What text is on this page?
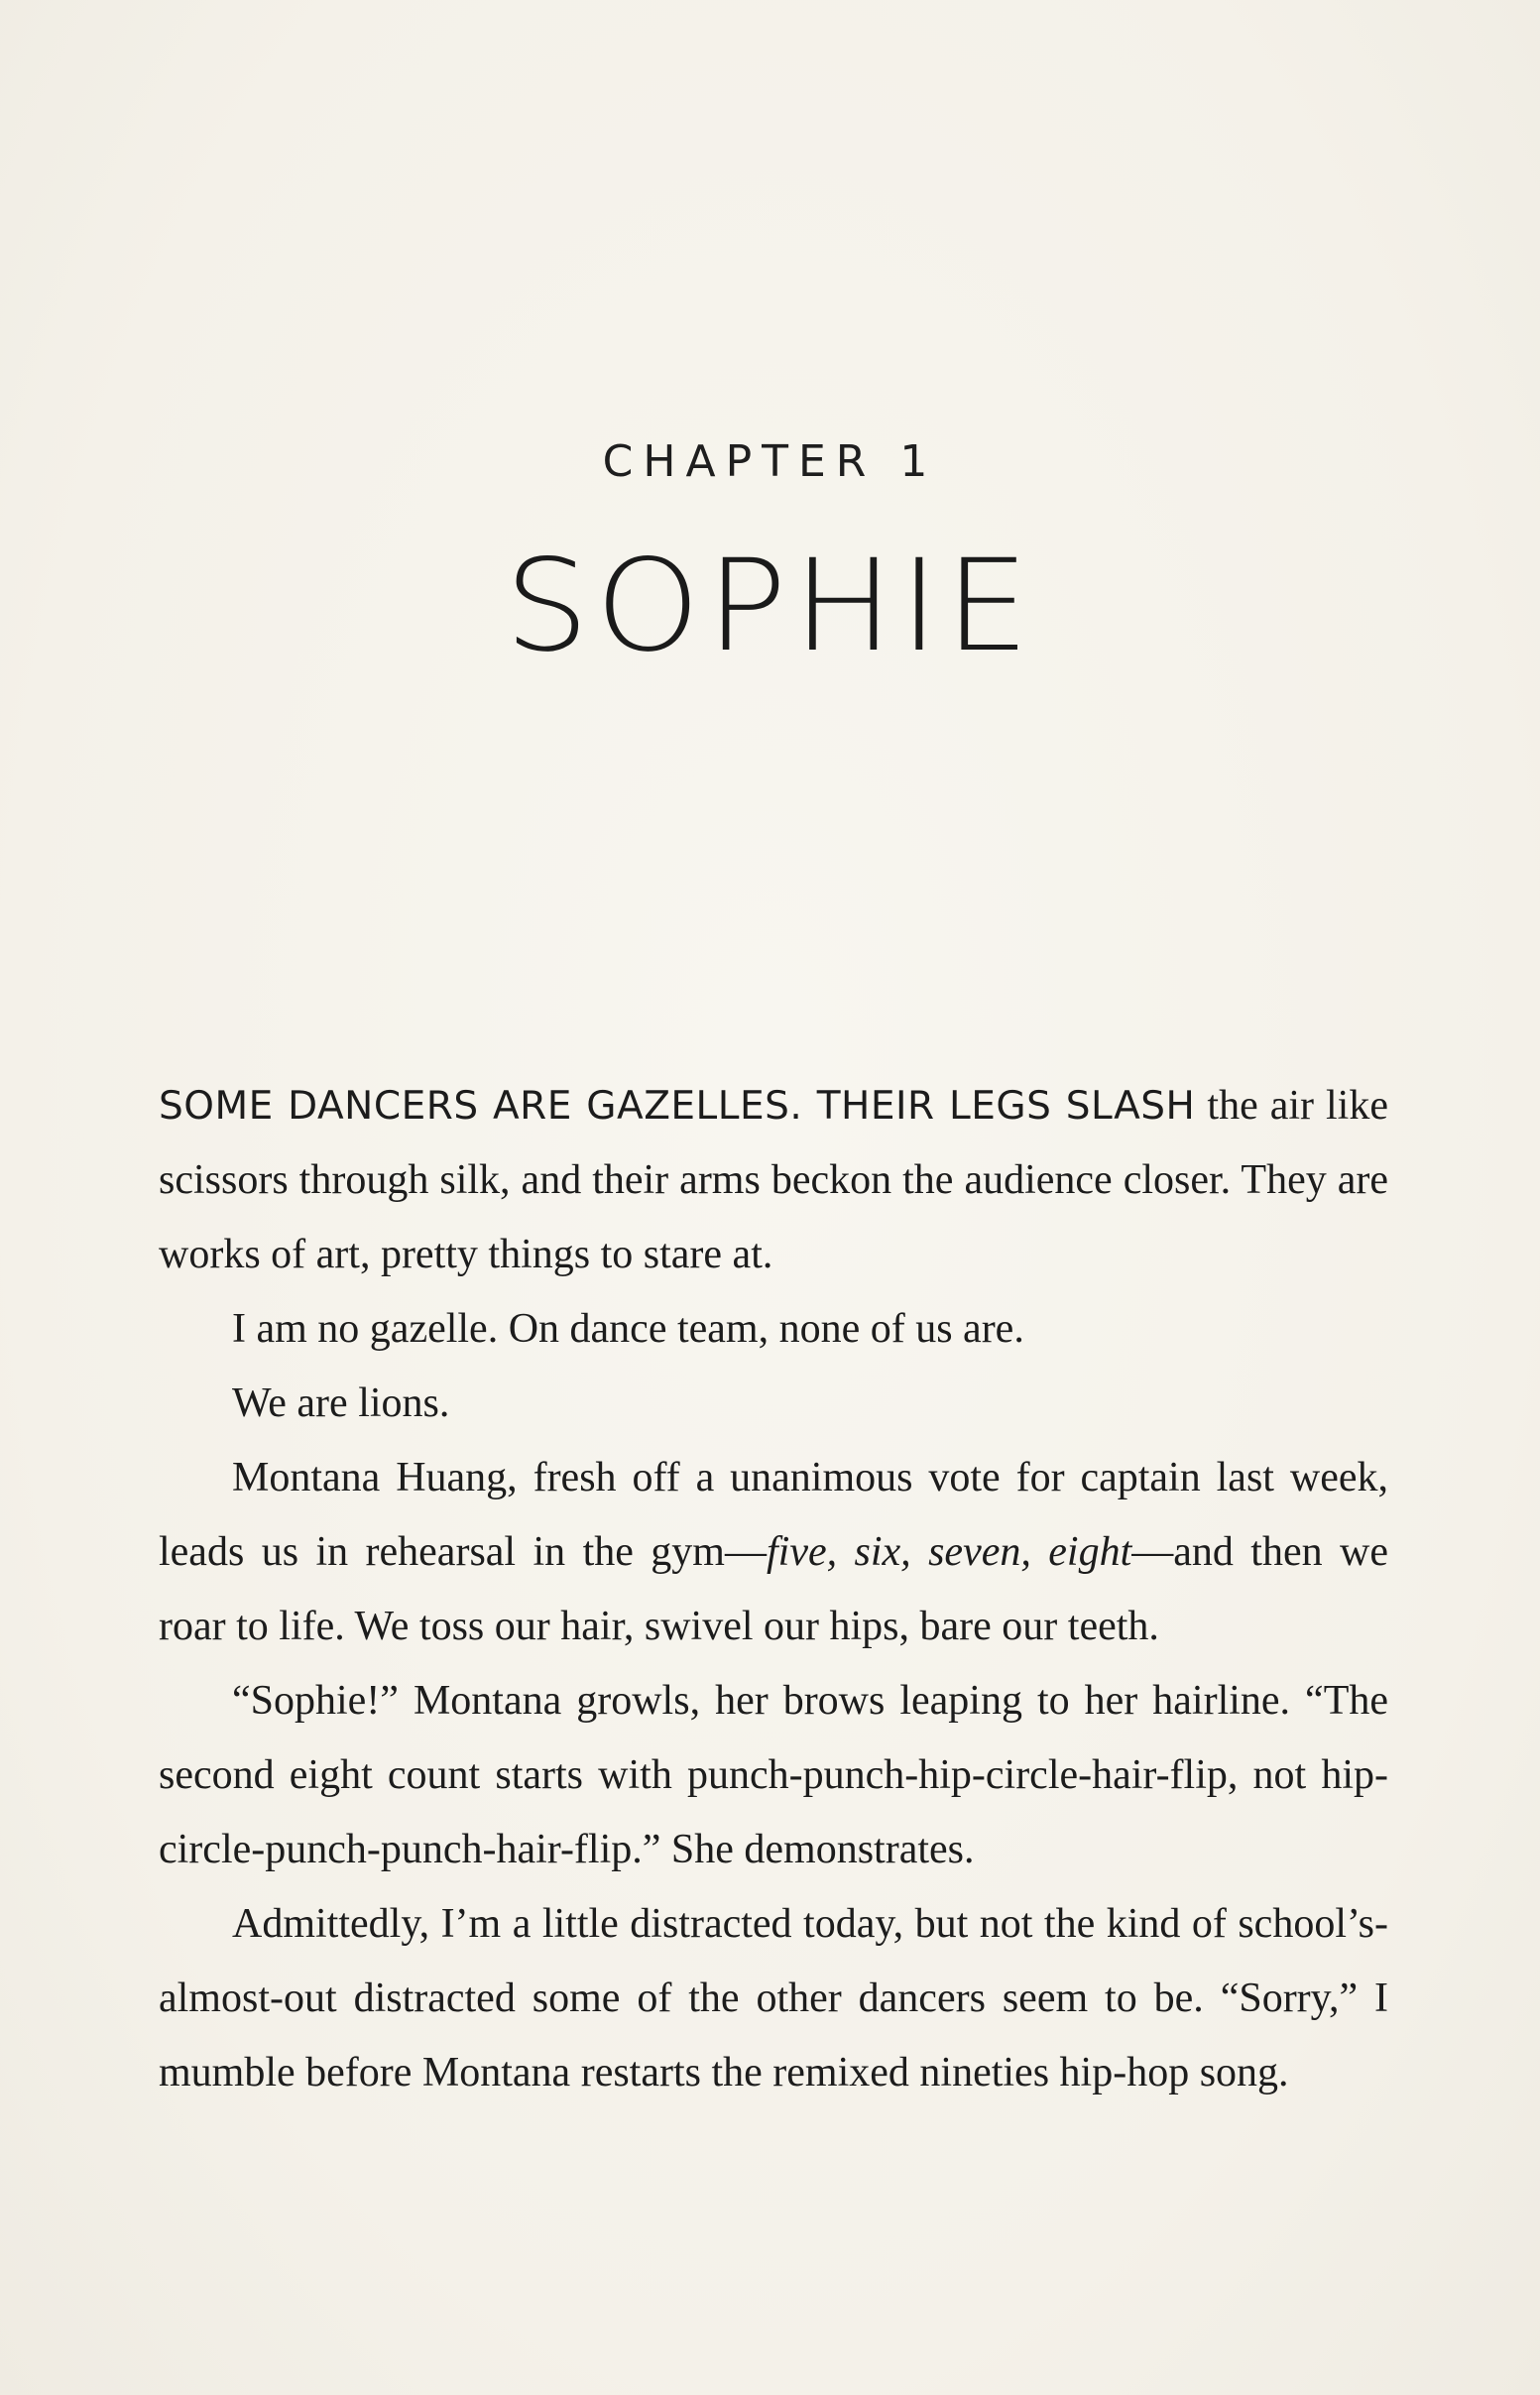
CHAPTER 1
SOPHIE

SOME DANCERS ARE GAZELLES. THEIR LEGS SLASH the air like scissors through silk, and their arms beckon the audience closer. They are works of art, pretty things to stare at.

I am no gazelle. On dance team, none of us are.

We are lions.

Montana Huang, fresh off a unanimous vote for captain last week, leads us in rehearsal in the gym—five, six, seven, eight—and then we roar to life. We toss our hair, swivel our hips, bare our teeth.

“Sophie!” Montana growls, her brows leaping to her hairline. “The second eight count starts with punch-punch-hip-circle-hair-flip, not hip-circle-punch-punch-hair-flip.” She demonstrates.

Admittedly, I’m a little distracted today, but not the kind of school’s-almost-out distracted some of the other dancers seem to be. “Sorry,” I mumble before Montana restarts the remixed nineties hip-hop song.
